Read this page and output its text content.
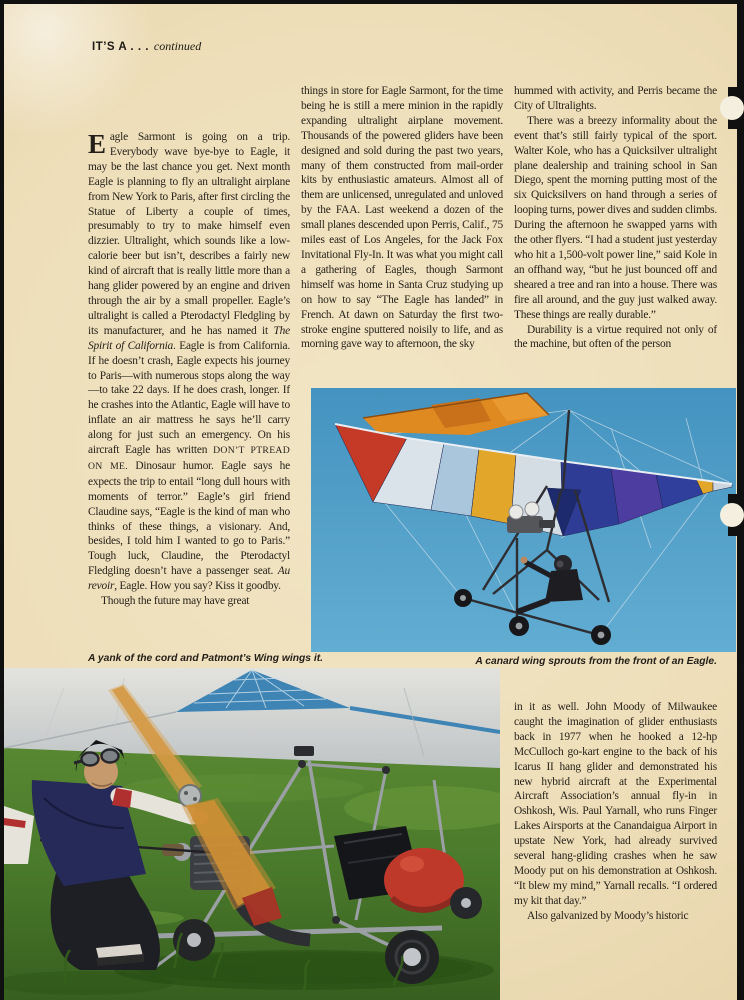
IT’S A . . . continued

Eagle Sarmont is going on a trip. Everybody wave bye-bye to Eagle, it may be the last chance you get. Next month Eagle is planning to fly an ultralight airplane from New York to Paris, after first circling the Statue of Liberty a couple of times, presumably to try to make himself even dizzier. Ultralight, which sounds like a low-calorie beer but isn’t, describes a fairly new kind of aircraft that is really little more than a hang glider powered by an engine and driven through the air by a small propeller. Eagle’s ultralight is called a Pterodactyl Fledgling by its manufacturer, and he has named it The Spirit of California. Eagle is from California. If he doesn’t crash, Eagle expects his journey to Paris—with numerous stops along the way—to take 22 days. If he does crash, longer. If he crashes into the Atlantic, Eagle will have to inflate an air mattress he says he’ll carry along for just such an emergency. On his aircraft Eagle has written DON’T PTREAD ON ME. Dinosaur humor. Eagle says he expects the trip to entail “long dull hours with moments of terror.” Eagle’s girl friend Claudine says, “Eagle is the kind of man who thinks of these things, a visionary. And, besides, I told him I wanted to go to Paris.” Tough luck, Claudine, the Pterodactyl Fledgling doesn’t have a passenger seat. Au revoir, Eagle. How you say? Kiss it goodby.

Though the future may have great

things in store for Eagle Sarmont, for the time being he is still a mere minion in the rapidly expanding ultralight airplane movement. Thousands of the powered gliders have been designed and sold during the past two years, many of them constructed from mail-order kits by enthusiastic amateurs. Almost all of them are unlicensed, unregulated and unloved by the FAA. Last weekend a dozen of the small planes descended upon Perris, Calif., 75 miles east of Los Angeles, for the Jack Fox Invitational Fly-In. It was what you might call a gathering of Eagles, though Sarmont himself was home in Santa Cruz studying up on how to say “The Eagle has landed” in French. At dawn on Saturday the first two-stroke engine sputtered noisily to life, and as morning gave way to afternoon, the sky

hummed with activity, and Perris became the City of Ultralights.

There was a breezy informality about the event that’s still fairly typical of the sport. Walter Kole, who has a Quicksilver ultralight plane dealership and training school in San Diego, spent the morning putting most of the six Quicksilvers on hand through a series of looping turns, power dives and sudden climbs. During the afternoon he swapped yarns with the other flyers. “I had a student just yesterday who hit a 1,500-volt power line,” said Kole in an offhand way, “but he just bounced off and sheared a tree and ran into a house. There was fire all around, and the guy just walked away. These things are really durable.”

Durability is a virtue required not only of the machine, but often of the person

A yank of the cord and Patmont’s Wing wings it.	A canard wing sprouts from the front of an Eagle.

in it as well. John Moody of Milwaukee caught the imagination of glider enthusiasts back in 1977 when he hooked a 12-hp McCulloch go-kart engine to the back of his Icarus II hang glider and demonstrated his new hybrid aircraft at the Experimental Aircraft Association’s annual fly-in in Oshkosh, Wis. Paul Yarnall, who runs Finger Lakes Airsports at the Canandaigua Airport in upstate New York, had already survived several hang-gliding crashes when he saw Moody put on his demonstration at Oshkosh. “It blew my mind,” Yarnall recalls. “I ordered my kit that day.”

Also galvanized by Moody’s historic
